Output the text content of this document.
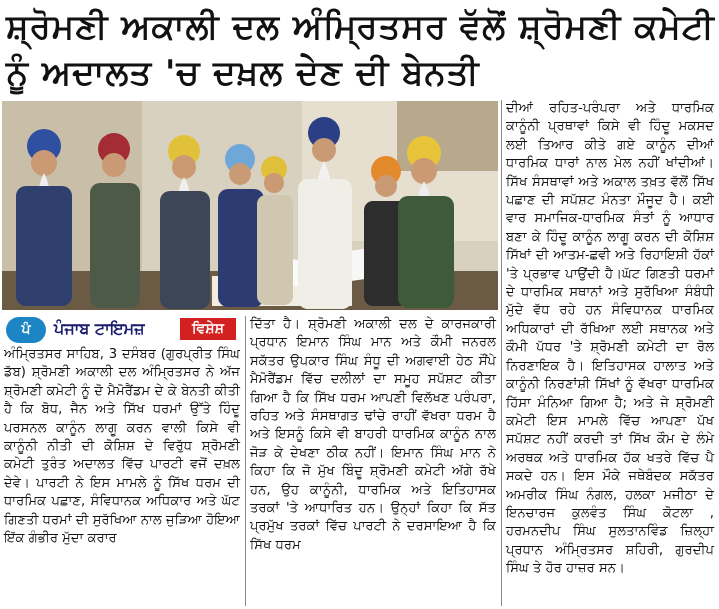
ਸ਼੍ਰੋਮਣੀ ਅਕਾਲੀ ਦਲ ਅੰਮ੍ਰਿਤਸਰ ਵੱਲੋਂ ਸ਼੍ਰੋਮਣੀ ਕਮੇਟੀ
ਨੂੰ ਅਦਾਲਤ 'ਚ ਦਖ਼ਲ ਦੇਣ ਦੀ ਬੇਨਤੀ
ਪੰ	ਪੰਜਾਬ ਟਾਇਮਜ਼	ਵਿਸ਼ੇਸ਼
ਅੰਮ੍ਰਿਤਸਰ ਸਾਹਿਬ, 3 ਦਸੰਬਰ (ਗੁਰਪ੍ਰੀਤ ਸਿੰਘ ਡੱਬ) ਸ਼੍ਰੋਮਣੀ ਅਕਾਲੀ ਦਲ ਅੰਮ੍ਰਿਤਸਰ ਨੇ ਅੱਜ ਸ਼੍ਰੋਮਣੀ ਕਮੇਟੀ ਨੂੰ ਦੋ ਮੈਮੋਰੈਂਡਮ ਦੇ ਕੇ ਬੇਨਤੀ ਕੀਤੀ ਹੈ ਕਿ ਬੋਧ, ਜੈਨ ਅਤੇ ਸਿੱਖ ਧਰਮਾਂ ਉੱਤੇ ਹਿੰਦੂ ਪਰਸਨਲ ਕਾਨੂੰਨ ਲਾਗੂ ਕਰਨ ਵਾਲੀ ਕਿਸੇ ਵੀ ਕਾਨੂੰਨੀ ਨੀਤੀ ਦੀ ਕੋਸ਼ਿਸ਼ ਦੇ ਵਿਰੁੱਧ ਸ਼੍ਰੋਮਣੀ ਕਮੇਟੀ ਤੁਰੰਤ ਅਦਾਲਤ ਵਿੱਚ ਪਾਰਟੀ ਵਜੋਂ ਦਖ਼ਲ ਦੇਵੇ। ਪਾਰਟੀ ਨੇ ਇਸ ਮਾਮਲੇ ਨੂੰ ਸਿੱਖ ਧਰਮ ਦੀ ਧਾਰਮਿਕ ਪਛਾਣ, ਸੰਵਿਧਾਨਕ ਅਧਿਕਾਰ ਅਤੇ ਘੱਟ ਗਿਣਤੀ ਧਰਮਾਂ ਦੀ ਸੁਰੱਖਿਆ ਨਾਲ ਜੁੜਿਆ ਹੋਇਆ ਇੱਕ ਗੰਭੀਰ ਮੁੱਦਾ ਕਰਾਰ
ਦਿੱਤਾ ਹੈ। ਸ਼੍ਰੋਮਣੀ ਅਕਾਲੀ ਦਲ ਦੇ ਕਾਰਜਕਾਰੀ ਪ੍ਰਧਾਨ ਇਮਾਨ ਸਿੰਘ ਮਾਨ ਅਤੇ ਕੌਮੀ ਜਨਰਲ ਸਕੱਤਰ ਉਪਕਾਰ ਸਿੰਘ ਸੰਧੂ ਦੀ ਅਗਵਾਈ ਹੇਠ ਸੌਂਪੇ ਮੈਮੋਰੈਂਡਮ ਵਿੱਚ ਦਲੀਲਾਂ ਦਾ ਸਮੂਹ ਸਪੱਸ਼ਟ ਕੀਤਾ ਗਿਆ ਹੈ ਕਿ ਸਿੱਖ ਧਰਮ ਆਪਣੀ ਵਿਲੱਖਣ ਪਰੰਪਰਾ, ਰਹਿਤ ਅਤੇ ਸੰਸਥਾਗਤ ਢਾਂਚੇ ਰਾਹੀਂ ਵੱਖਰਾ ਧਰਮ ਹੈ ਅਤੇ ਇਸਨੂੰ ਕਿਸੇ ਵੀ ਬਾਹਰੀ ਧਾਰਮਿਕ ਕਾਨੂੰਨ ਨਾਲ ਜੋੜ ਕੇ ਦੇਖਣਾ ਠੀਕ ਨਹੀਂ। ਇਮਾਨ ਸਿੰਘ ਮਾਨ ਨੇ ਕਿਹਾ ਕਿ ਜੋ ਮੁੱਖ ਬਿੰਦੂ ਸ਼੍ਰੋਮਣੀ ਕਮੇਟੀ ਅੱਗੇ ਰੱਖੇ ਹਨ, ਉਹ ਕਾਨੂੰਨੀ, ਧਾਰਮਿਕ ਅਤੇ ਇਤਿਹਾਸਕ ਤਰਕਾਂ 'ਤੇ ਆਧਾਰਿਤ ਹਨ। ਉਨ੍ਹਾਂ ਕਿਹਾ ਕਿ ਸੱਤ ਪ੍ਰਮੁੱਖ ਤਰਕਾਂ ਵਿੱਚ ਪਾਰਟੀ ਨੇ ਦਰਸਾਇਆ ਹੈ ਕਿ ਸਿੱਖ ਧਰਮ
ਦੀਆਂ ਰਹਿਤ-ਪਰੰਪਰਾ ਅਤੇ ਧਾਰਮਿਕ ਕਾਨੂੰਨੀ ਪ੍ਰਥਾਵਾਂ ਕਿਸੇ ਵੀ ਹਿੰਦੂ ਮਕਸਦ ਲਈ ਤਿਆਰ ਕੀਤੇ ਗਏ ਕਾਨੂੰਨ ਦੀਆਂ ਧਾਰਮਿਕ ਧਾਰਾਂ ਨਾਲ ਮੇਲ ਨਹੀਂ ਖਾਂਦੀਆਂ। ਸਿੱਖ ਸੰਸਥਾਵਾਂ ਅਤੇ ਅਕਾਲ ਤਖ਼ਤ ਵੱਲੋਂ ਸਿੱਖ ਪਛਾਣ ਦੀ ਸਪੱਸ਼ਟ ਮੰਨਤਾ ਮੌਜੂਦ ਹੈ। ਕਈ ਵਾਰ ਸਮਾਜਿਕ-ਧਾਰਮਿਕ ਸੰਤਾਂ ਨੂੰ ਆਧਾਰ ਬਣਾ ਕੇ ਹਿੰਦੂ ਕਾਨੂੰਨ ਲਾਗੂ ਕਰਨ ਦੀ ਕੋਸ਼ਿਸ਼ ਸਿੱਖਾਂ ਦੀ ਆਤਮ-ਛਵੀ ਅਤੇ ਰਿਹਾਇਸ਼ੀ ਹੱਕਾਂ 'ਤੇ ਪ੍ਰਭਾਵ ਪਾਉਂਦੀ ਹੈ।ਘੱਟ ਗਿਣਤੀ ਧਰਮਾਂ ਦੇ ਧਾਰਮਿਕ ਸਥਾਨਾਂ ਅਤੇ ਸੁਰੱਖਿਆ ਸੰਬੰਧੀ ਮੁੱਦੇ ਵੱਧ ਰਹੇ ਹਨ ਸੰਵਿਧਾਨਕ ਧਾਰਮਿਕ ਅਧਿਕਾਰਾਂ ਦੀ ਰੱਖਿਆ ਲਈ ਸਥਾਨਕ ਅਤੇ ਕੌਮੀ ਪੱਧਰ 'ਤੇ ਸ਼੍ਰੋਮਣੀ ਕਮੇਟੀ ਦਾ ਰੋਲ ਨਿਰਣਾਇਕ ਹੈ। ਇਤਿਹਾਸਕ ਹਾਲਾਤ ਅਤੇ ਕਾਨੂੰਨੀ ਨਿਰਣਾਂਸ਼ੀ ਸਿੱਖਾਂ ਨੂੰ ਵੱਖਰਾ ਧਾਰਮਿਕ ਹਿੱਸਾ ਮੰਨਿਆ ਗਿਆ ਹੈ; ਅਤੇ ਜੇ ਸ਼੍ਰੋਮਣੀ ਕਮੇਟੀ ਇਸ ਮਾਮਲੇ ਵਿੱਚ ਆਪਣਾ ਪੱਖ ਸਪੱਸ਼ਟ ਨਹੀਂ ਕਰਦੀ ਤਾਂ ਸਿੱਖ ਕੌਮ ਦੇ ਲੰਮੇ ਅਰਥਕ ਅਤੇ ਧਾਰਮਿਕ ਹੱਕ ਖਤਰੇ ਵਿੱਚ ਪੈ ਸਕਦੇ ਹਨ। ਇਸ ਮੌਕੇ ਜਥੇਬੰਦਕ ਸਕੱਤਰ ਅਮਰੀਕ ਸਿੰਘ ਨੰਗਲ, ਹਲਕਾ ਮਜੀਠਾ ਦੇ ਇਨਚਾਰਜ ਕੁਲਵੰਤ ਸਿੰਘ ਕੋਟਲਾ , ਹਰਮਨਦੀਪ ਸਿੰਘ ਸੁਲਤਾਨਵਿੰਡ ਜ਼ਿਲ੍ਹਾ ਪ੍ਰਧਾਨ ਅੰਮ੍ਰਿਤਸਰ ਸ਼ਹਿਰੀ, ਗੁਰਦੀਪ ਸਿੰਘ ਤੇ ਹੋਰ ਹਾਜ਼ਰ ਸਨ।
